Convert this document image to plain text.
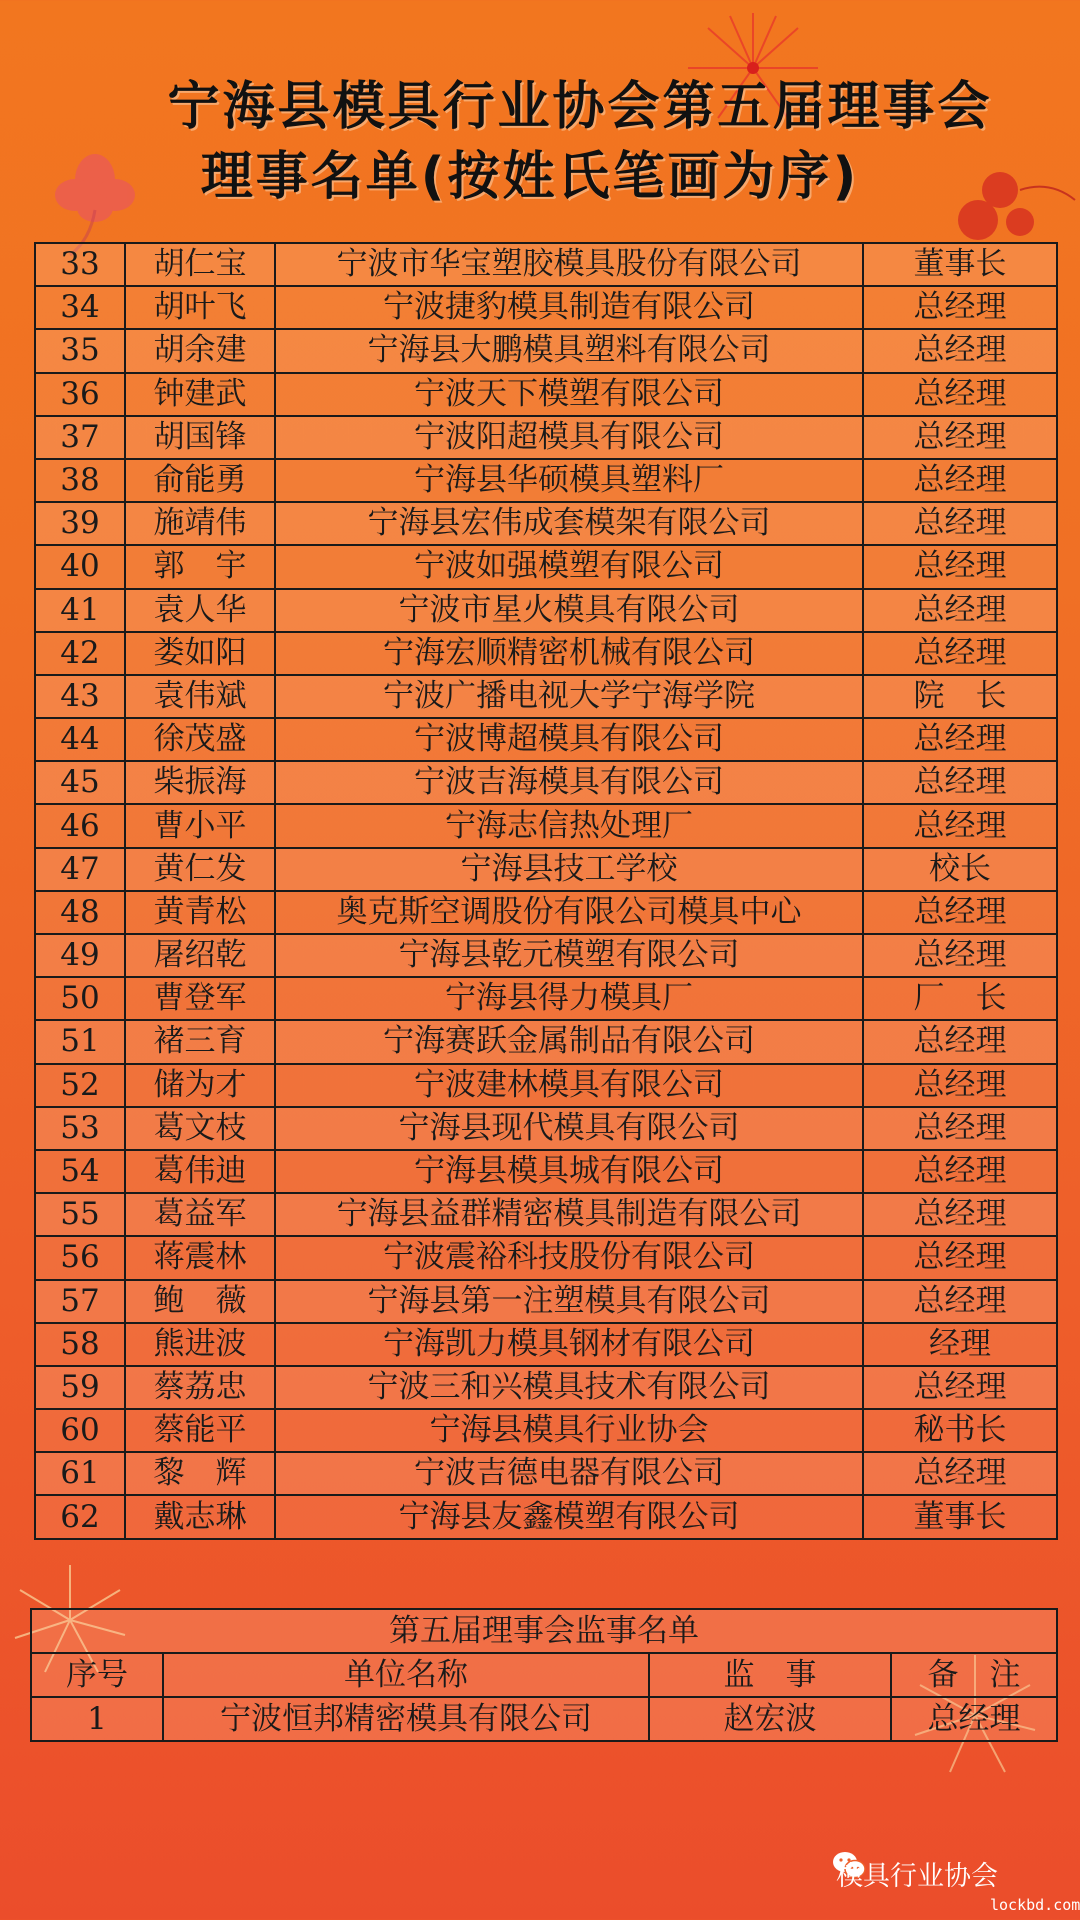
宁海县模具行业协会第五届理事会
理事名单(按姓氏笔画为序)
33	胡仁宝	宁波市华宝塑胶模具股份有限公司	董事长
34	胡叶飞	宁波捷豹模具制造有限公司	总经理
35	胡余建	宁海县大鹏模具塑料有限公司	总经理
36	钟建武	宁波天下模塑有限公司	总经理
37	胡国锋	宁波阳超模具有限公司	总经理
38	俞能勇	宁海县华硕模具塑料厂	总经理
39	施靖伟	宁海县宏伟成套模架有限公司	总经理
40	郭　宇	宁波如强模塑有限公司	总经理
41	袁人华	宁波市星火模具有限公司	总经理
42	娄如阳	宁海宏顺精密机械有限公司	总经理
43	袁伟斌	宁波广播电视大学宁海学院	院　长
44	徐茂盛	宁波博超模具有限公司	总经理
45	柴振海	宁波吉海模具有限公司	总经理
46	曹小平	宁海志信热处理厂	总经理
47	黄仁发	宁海县技工学校	校长
48	黄青松	奥克斯空调股份有限公司模具中心	总经理
49	屠绍乾	宁海县乾元模塑有限公司	总经理
50	曹登军	宁海县得力模具厂	厂　长
51	褚三育	宁海赛跃金属制品有限公司	总经理
52	储为才	宁波建林模具有限公司	总经理
53	葛文枝	宁海县现代模具有限公司	总经理
54	葛伟迪	宁海县模具城有限公司	总经理
55	葛益军	宁海县益群精密模具制造有限公司	总经理
56	蒋震林	宁波震裕科技股份有限公司	总经理
57	鲍　薇	宁海县第一注塑模具有限公司	总经理
58	熊进波	宁海凯力模具钢材有限公司	经理
59	蔡荔忠	宁波三和兴模具技术有限公司	总经理
60	蔡能平	宁海县模具行业协会	秘书长
61	黎　辉	宁波吉德电器有限公司	总经理
62	戴志琳	宁海县友鑫模塑有限公司	董事长
第五届理事会监事名单			
序号	单位名称	监　事	备　注
1	宁波恒邦精密模具有限公司	赵宏波	总经理
模具行业协会
lockbd.com
